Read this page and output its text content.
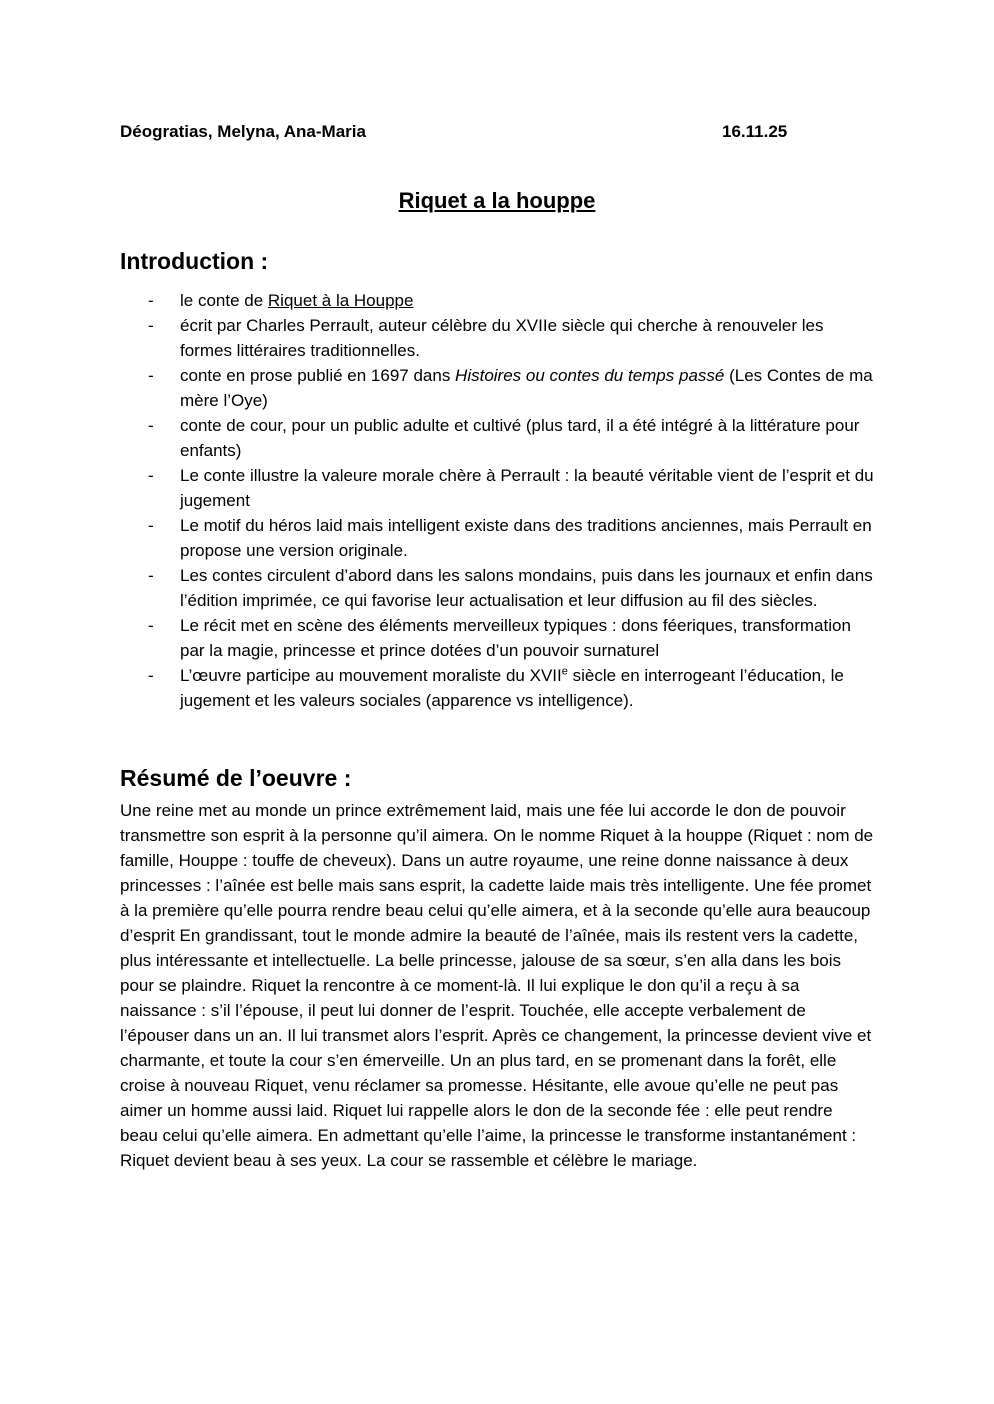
Déogratias, Melyna, Ana-Maria	16.11.25
Riquet a la houppe
Introduction :
- le conte de Riquet à la Houppe
- écrit par Charles Perrault, auteur célèbre du XVIIe siècle qui cherche à renouveler les formes littéraires traditionnelles.
- conte en prose publié en 1697 dans Histoires ou contes du temps passé (Les Contes de ma mère l’Oye)
- conte de cour, pour un public adulte et cultivé (plus tard, il a été intégré à la littérature pour enfants)
- Le conte illustre la valeure morale chère à Perrault : la beauté véritable vient de l’esprit et du jugement
- Le motif du héros laid mais intelligent existe dans des traditions anciennes, mais Perrault en propose une version originale.
- Les contes circulent d’abord dans les salons mondains, puis dans les journaux et enfin dans l’édition imprimée, ce qui favorise leur actualisation et leur diffusion au fil des siècles.
- Le récit met en scène des éléments merveilleux typiques : dons féeriques, transformation par la magie, princesse et prince dotées d’un pouvoir surnaturel
- L’œuvre participe au mouvement moraliste du XVIIe siècle en interrogeant l’éducation, le jugement et les valeurs sociales (apparence vs intelligence).
Résumé de l’oeuvre :

Une reine met au monde un prince extrêmement laid, mais une fée lui accorde le don de pouvoir transmettre son esprit à la personne qu’il aimera. On le nomme Riquet à la houppe (Riquet : nom de famille, Houppe : touffe de cheveux). Dans un autre royaume, une reine donne naissance à deux princesses : l’aînée est belle mais sans esprit, la cadette laide mais très intelligente. Une fée promet à la première qu’elle pourra rendre beau celui qu’elle aimera, et à la seconde qu’elle aura beaucoup d’esprit En grandissant, tout le monde admire la beauté de l’aînée, mais ils restent vers la cadette, plus intéressante et intellectuelle. La belle princesse, jalouse de sa sœur, s’en alla dans les bois pour se plaindre. Riquet la rencontre à ce moment-là. Il lui explique le don qu’il a reçu à sa naissance : s’il l’épouse, il peut lui donner de l’esprit. Touchée, elle accepte verbalement de l’épouser dans un an. Il lui transmet alors l’esprit. Après ce changement, la princesse devient vive et charmante, et toute la cour s’en émerveille. Un an plus tard, en se promenant dans la forêt, elle croise à nouveau Riquet, venu réclamer sa promesse. Hésitante, elle avoue qu’elle ne peut pas aimer un homme aussi laid. Riquet lui rappelle alors le don de la seconde fée : elle peut rendre beau celui qu’elle aimera. En admettant qu’elle l’aime, la princesse le transforme instantanément : Riquet devient beau à ses yeux. La cour se rassemble et célèbre le mariage.
